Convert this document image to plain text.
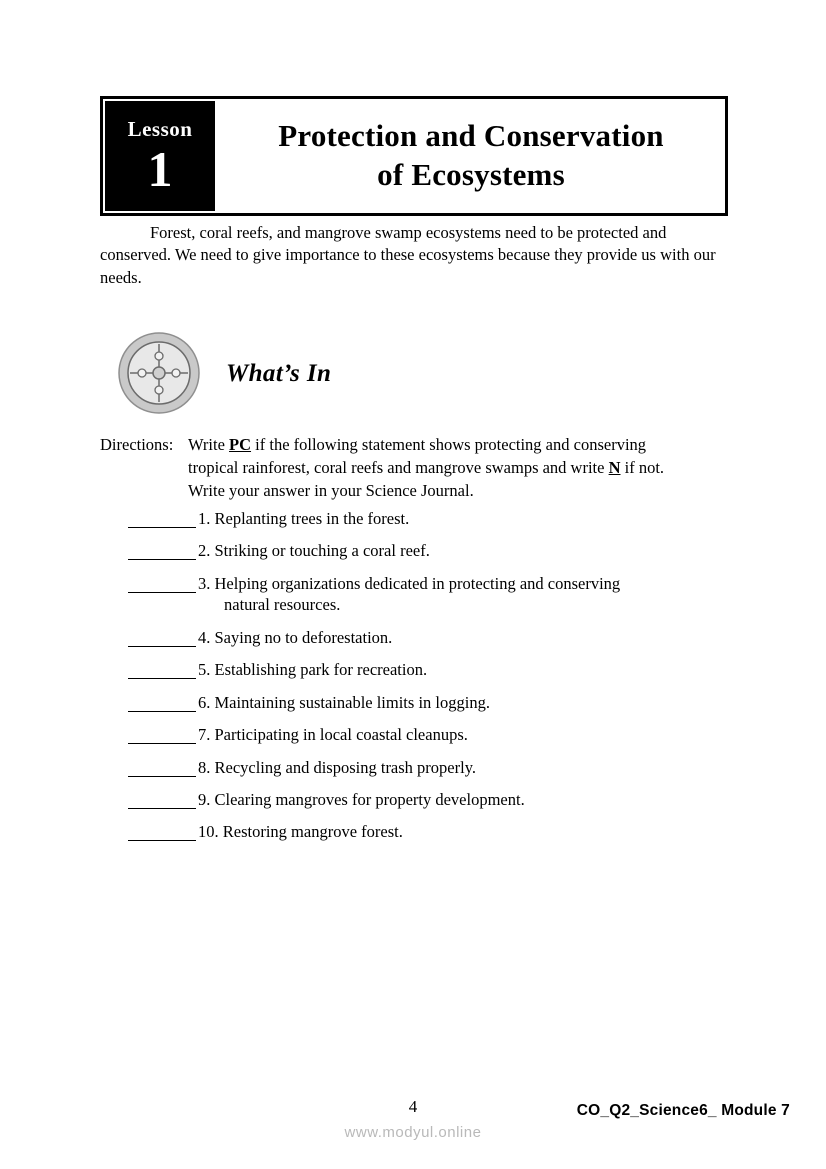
Lesson
1
Protection and Conservation
of Ecosystems
Forest, coral reefs, and mangrove swamp ecosystems need to be protected and conserved. We need to give importance to these ecosystems because they provide us with our needs.
What’s In
Directions: Write PC if the following statement shows protecting and conserving
tropical rainforest, coral reefs and mangrove swamps and write N if not.
Write your answer in your Science Journal.
1. Replanting trees in the forest.
2. Striking or touching a coral reef.
3. Helping organizations dedicated in protecting and conserving
natural resources.
4. Saying no to deforestation.
5. Establishing park for recreation.
6. Maintaining sustainable limits in logging.
7. Participating in local coastal cleanups.
8. Recycling and disposing trash properly.
9. Clearing mangroves for property development.
10. Restoring mangrove forest.
4	CO_Q2_Science6_ Module 7
www.modyul.online
